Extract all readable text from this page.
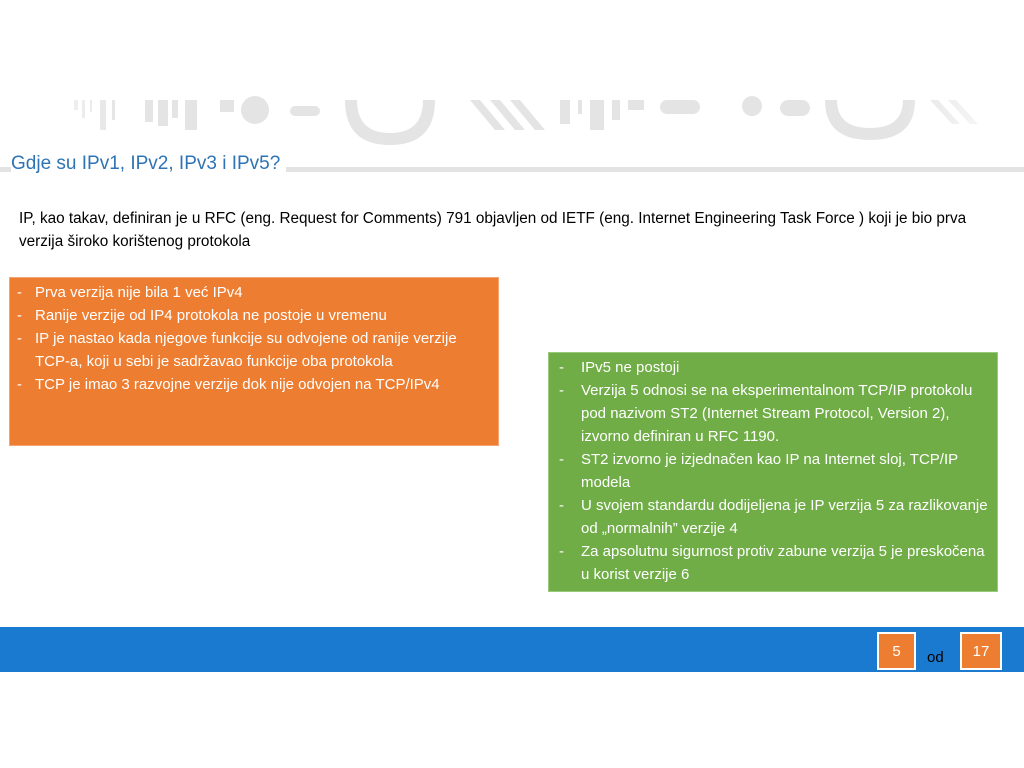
Gdje su IPv1, IPv2, IPv3 i IPv5?
IP, kao takav, definiran je u RFC (eng. Request for Comments) 791 objavljen od IETF (eng. Internet Engineering Task Force ) koji je bio prva verzija široko korištenog protokola
- Prva verzija nije bila 1 već IPv4
- Ranije verzije od IP4 protokola ne postoje u vremenu
- IP je nastao kada njegove funkcije su odvojene od ranije verzije TCP-a, koji u sebi je sadržavao funkcije oba protokola
- TCP je imao 3 razvojne verzije dok nije odvojen na TCP/IPv4
- IPv5 ne postoji
- Verzija 5 odnosi se na eksperimentalnom TCP/IP protokolu pod nazivom ST2 (Internet Stream Protocol, Version 2), izvorno definiran u RFC 1190.
- ST2 izvorno je izjednačen kao IP na Internet sloj, TCP/IP modela
- U svojem standardu dodijeljena je IP verzija 5 za razlikovanje od „normalnih” verzije 4
- Za apsolutnu sigurnost protiv zabune verzija 5 je preskočena u korist verzije 6
5	od	17
